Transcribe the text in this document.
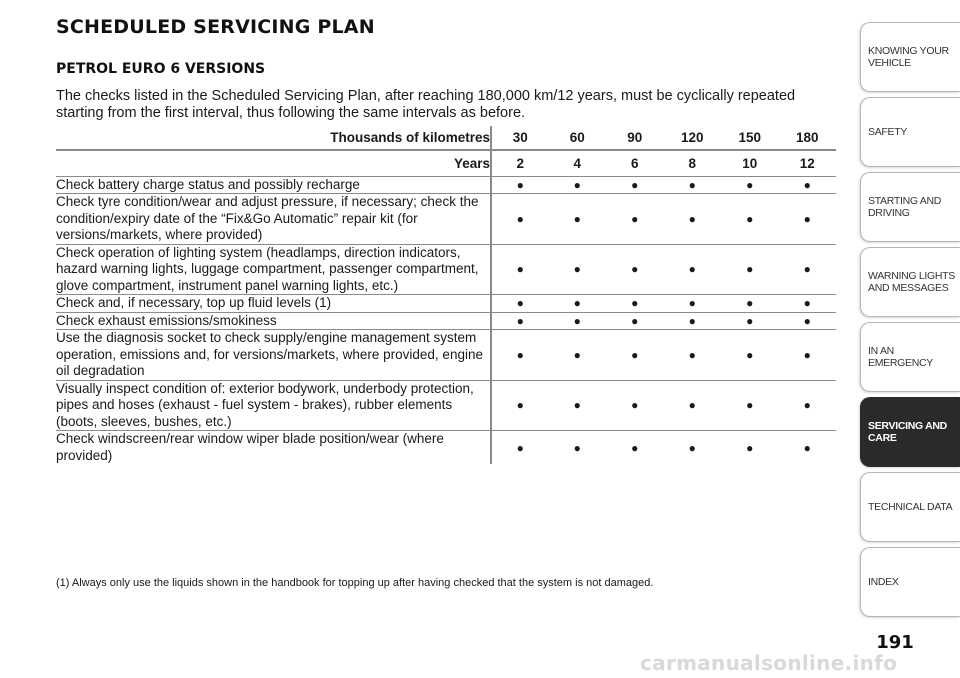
SCHEDULED SERVICING PLAN
PETROL EURO 6 VERSIONS
The checks listed in the Scheduled Servicing Plan, after reaching 180,000 km/12 years, must be cyclically repeated starting from the first interval, thus following the same intervals as before.
Thousands of kilometres	30	60	90	120	150	180
Years	2	4	6	8	10	12
Check battery charge status and possibly recharge	●	●	●	●	●	●
Check tyre condition/wear and adjust pressure, if necessary; check the condition/expiry date of the “Fix&Go Automatic” repair kit (for versions/markets, where provided)	●	●	●	●	●	●
Check operation of lighting system (headlamps, direction indicators, hazard warning lights, luggage compartment, passenger compartment, glove compartment, instrument panel warning lights, etc.)	●	●	●	●	●	●
Check and, if necessary, top up fluid levels (1)	●	●	●	●	●	●
Check exhaust emissions/smokiness	●	●	●	●	●	●
Use the diagnosis socket to check supply/engine management system operation, emissions and, for versions/markets, where provided, engine oil degradation	●	●	●	●	●	●
Visually inspect condition of: exterior bodywork, underbody protection, pipes and hoses (exhaust - fuel system - brakes), rubber elements (boots, sleeves, bushes, etc.)	●	●	●	●	●	●
Check windscreen/rear window wiper blade position/wear (where provided)	●	●	●	●	●	●
(1) Always only use the liquids shown in the handbook for topping up after having checked that the system is not damaged.
KNOWING YOUR VEHICLE
SAFETY
STARTING AND DRIVING
WARNING LIGHTS AND MESSAGES
IN AN EMERGENCY
SERVICING AND CARE
TECHNICAL DATA
INDEX
191
carmanualsonline.info
